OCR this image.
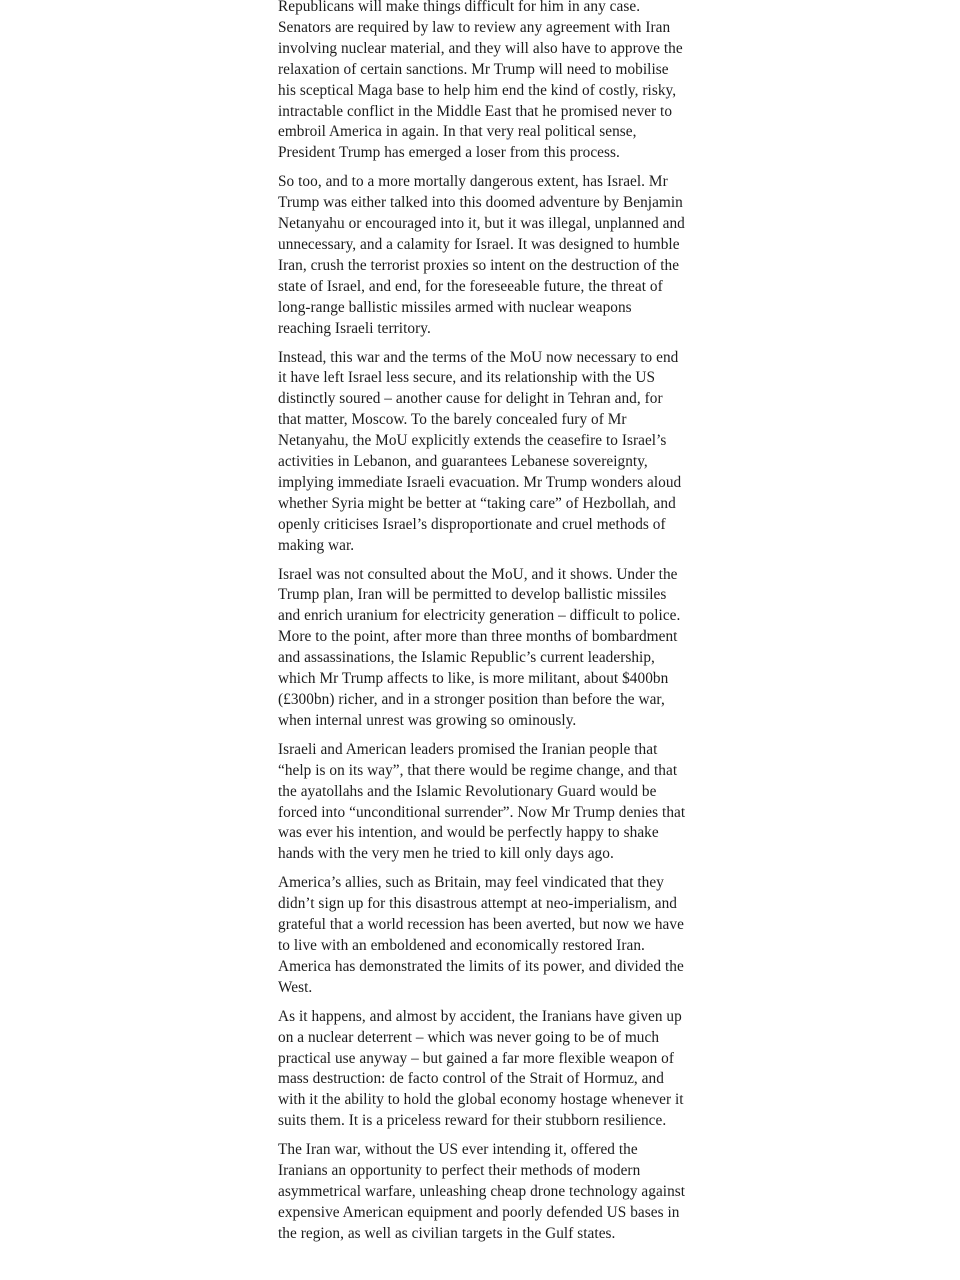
Republicans will make things difficult for him in any case. Senators are required by law to review any agreement with Iran involving nuclear material, and they will also have to approve the relaxation of certain sanctions. Mr Trump will need to mobilise his sceptical Maga base to help him end the kind of costly, risky, intractable conflict in the Middle East that he promised never to embroil America in again. In that very real political sense, President Trump has emerged a loser from this process.

So too, and to a more mortally dangerous extent, has Israel. Mr Trump was either talked into this doomed adventure by Benjamin Netanyahu or encouraged into it, but it was illegal, unplanned and unnecessary, and a calamity for Israel. It was designed to humble Iran, crush the terrorist proxies so intent on the destruction of the state of Israel, and end, for the foreseeable future, the threat of long-range ballistic missiles armed with nuclear weapons reaching Israeli territory.

Instead, this war and the terms of the MoU now necessary to end it have left Israel less secure, and its relationship with the US distinctly soured – another cause for delight in Tehran and, for that matter, Moscow. To the barely concealed fury of Mr Netanyahu, the MoU explicitly extends the ceasefire to Israel’s activities in Lebanon, and guarantees Lebanese sovereignty, implying immediate Israeli evacuation. Mr Trump wonders aloud whether Syria might be better at “taking care” of Hezbollah, and openly criticises Israel’s disproportionate and cruel methods of making war.

Israel was not consulted about the MoU, and it shows. Under the Trump plan, Iran will be permitted to develop ballistic missiles and enrich uranium for electricity generation – difficult to police. More to the point, after more than three months of bombardment and assassinations, the Islamic Republic’s current leadership, which Mr Trump affects to like, is more militant, about $400bn (£300bn) richer, and in a stronger position than before the war, when internal unrest was growing so ominously.

Israeli and American leaders promised the Iranian people that “help is on its way”, that there would be regime change, and that the ayatollahs and the Islamic Revolutionary Guard would be forced into “unconditional surrender”. Now Mr Trump denies that was ever his intention, and would be perfectly happy to shake hands with the very men he tried to kill only days ago.

America’s allies, such as Britain, may feel vindicated that they didn’t sign up for this disastrous attempt at neo-imperialism, and grateful that a world recession has been averted, but now we have to live with an emboldened and economically restored Iran. America has demonstrated the limits of its power, and divided the West.

As it happens, and almost by accident, the Iranians have given up on a nuclear deterrent – which was never going to be of much practical use anyway – but gained a far more flexible weapon of mass destruction: de facto control of the Strait of Hormuz, and with it the ability to hold the global economy hostage whenever it suits them. It is a priceless reward for their stubborn resilience.

The Iran war, without the US ever intending it, offered the Iranians an opportunity to perfect their methods of modern asymmetrical warfare, unleashing cheap drone technology against expensive American equipment and poorly defended US bases in the region, as well as civilian targets in the Gulf states.
